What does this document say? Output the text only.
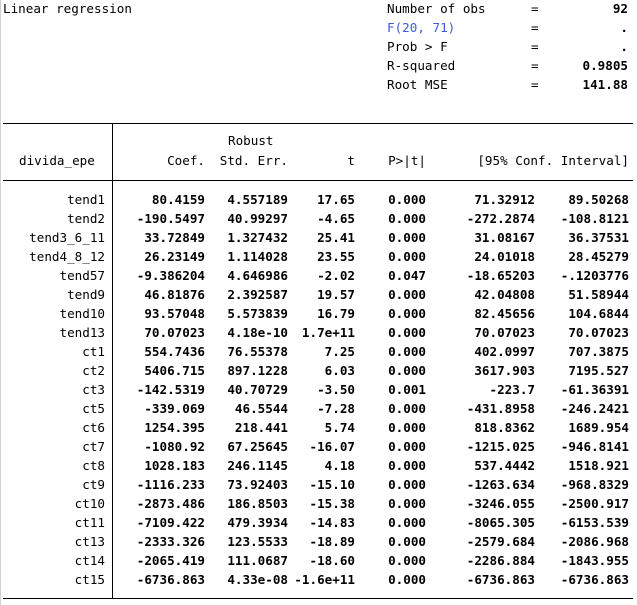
Linear regression	Number of obs	=	92
F(20, 71)	=	.
Prob > F	=	.
R-squared	=	0.9805
Root MSE	=	141.88
Robust
divida_epe	Coef. Std. Err.	t	P>|t|	[95% Conf. Interval]
tend1	80.4159 4.557189 17.65	0.000	71.32912	89.50268
tend2	-190.5497 40.99297 -4.65	0.000	-272.2874 -108.8121
tend3_6_11	33.72849 1.327432 25.41	0.000	31.08167	36.37531
tend4_8_12	26.23149 1.114028 23.55	0.000	24.01018	28.45279
tend57	-9.386204 4.646986 -2.02	0.047	-18.65203 -.1203776
tend9	46.81876 2.392587 19.57	0.000	42.04808	51.58944
tend10	93.57048 5.573839 16.79	0.000	82.45656	104.6844
tend13	70.07023 4.18e-10 1.7e+11	0.000	70.07023	70.07023
ct1	554.7436 76.55378	7.25	0.000	402.0997	707.3875
ct2	5406.715 897.1228	6.03	0.000	3617.903	7195.527
ct3	-142.5319 40.70729 -3.50	0.001	-223.7 -61.36391
ct5	-339.069 46.5544 -7.28	0.000	-431.8958 -246.2421
ct6	1254.395 218.441	5.74	0.000	818.8362	1689.954
ct7	-1080.92 67.25645 -16.07	0.000	-1215.025 -946.8141
ct8	1028.183 246.1145	4.18	0.000	537.4442	1518.921
ct9	-1116.233 73.92403 -15.10	0.000	-1263.634 -968.8329
ct10	-2873.486 186.8503 -15.38	0.000	-3246.055 -2500.917
ct11	-7109.422 479.3934 -14.83	0.000	-8065.305 -6153.539
ct13	-2333.326 123.5533 -18.89	0.000	-2579.684 -2086.968
ct14	-2065.419 111.0687 -18.60	0.000	-2286.884 -1843.955
ct15	-6736.863 4.33e-08 -1.6e+11	0.000	-6736.863 -6736.863
